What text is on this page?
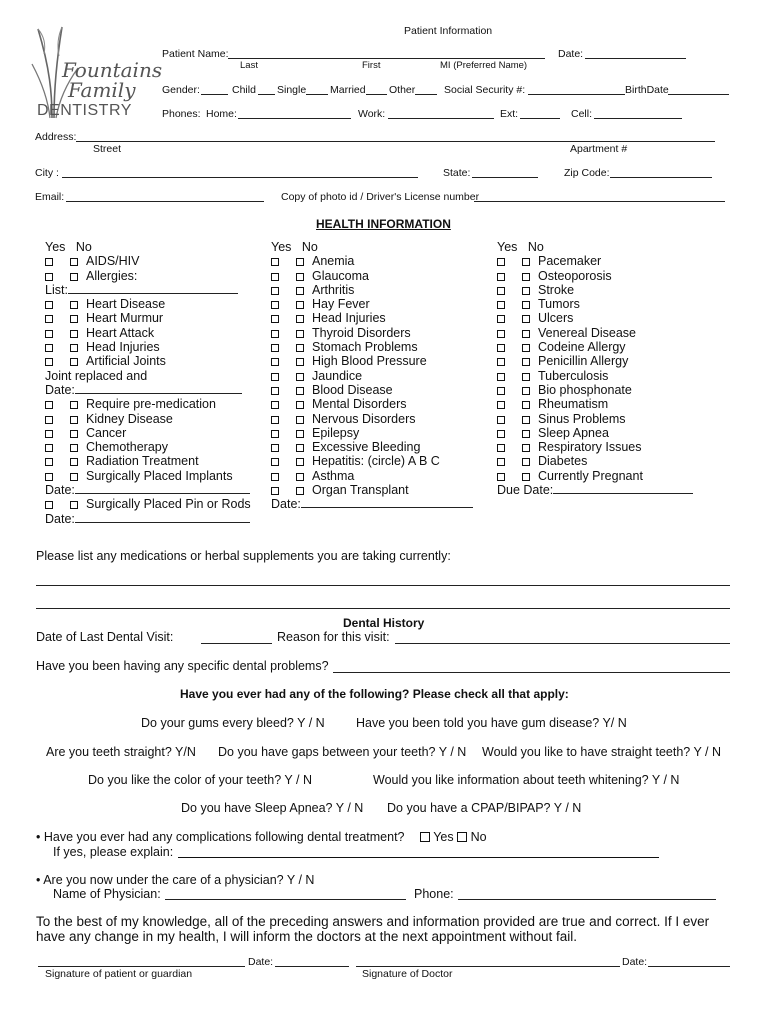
Fountains
Family
DENTISTRY
Patient Information
Patient Name:
Last	First	MI (Preferred Name)
Date:
Gender:	Child Single Married Other	Social Security #:	BirthDate
Phones: Home:	Work:	Ext:	Cell:
Address:
Street	Apartment #
City :	State:	Zip Code:
Email:	Copy of photo id / Driver's License number
HEALTH INFORMATION
Yes No
AIDS/HIV
Allergies:
List:
Heart Disease
Heart Murmur
Heart Attack
Head Injuries
Artificial Joints
Joint replaced and
Date:
Require pre-medication
Kidney Disease
Cancer
Chemotherapy
Radiation Treatment
Surgically Placed Implants
Date:
Surgically Placed Pin or Rods
Date:
Yes No
Anemia
Glaucoma
Arthritis
Hay Fever
Head Injuries
Thyroid Disorders
Stomach Problems
High Blood Pressure
Jaundice
Blood Disease
Mental Disorders
Nervous Disorders
Epilepsy
Excessive Bleeding
Hepatitis: (circle) A B C
Asthma
Organ Transplant
Date:
Yes No
Pacemaker
Osteoporosis
Stroke
Tumors
Ulcers
Venereal Disease
Codeine Allergy
Penicillin Allergy
Tuberculosis
Bio phosphonate
Rheumatism
Sinus Problems
Sleep Apnea
Respiratory Issues
Diabetes
Currently Pregnant
Due Date:
Please list any medications or herbal supplements you are taking currently:
Dental History
Date of Last Dental Visit:	Reason for this visit:
Have you been having any specific dental problems?
Have you ever had any of the following? Please check all that apply:
Do your gums every bleed? Y / N	Have you been told you have gum disease? Y/ N
Are you teeth straight? Y/N Do you have gaps between your teeth? Y / N Would you like to have straight teeth? Y / N
Do you like the color of your teeth? Y / N	Would you like information about teeth whitening? Y / N
Do you have Sleep Apnea? Y / N Do you have a CPAP/BIPAP? Y / N
• Have you ever had any complications following dental treatment? Yes No
If yes, please explain:
• Are you now under the care of a physician? Y / N
Name of Physician:	Phone:
To the best of my knowledge, all of the preceding answers and information provided are true and correct. If I ever have any change in my health, I will inform the doctors at the next appointment without fail.
Date:
Signature of patient or guardian
Date:
Signature of Doctor
